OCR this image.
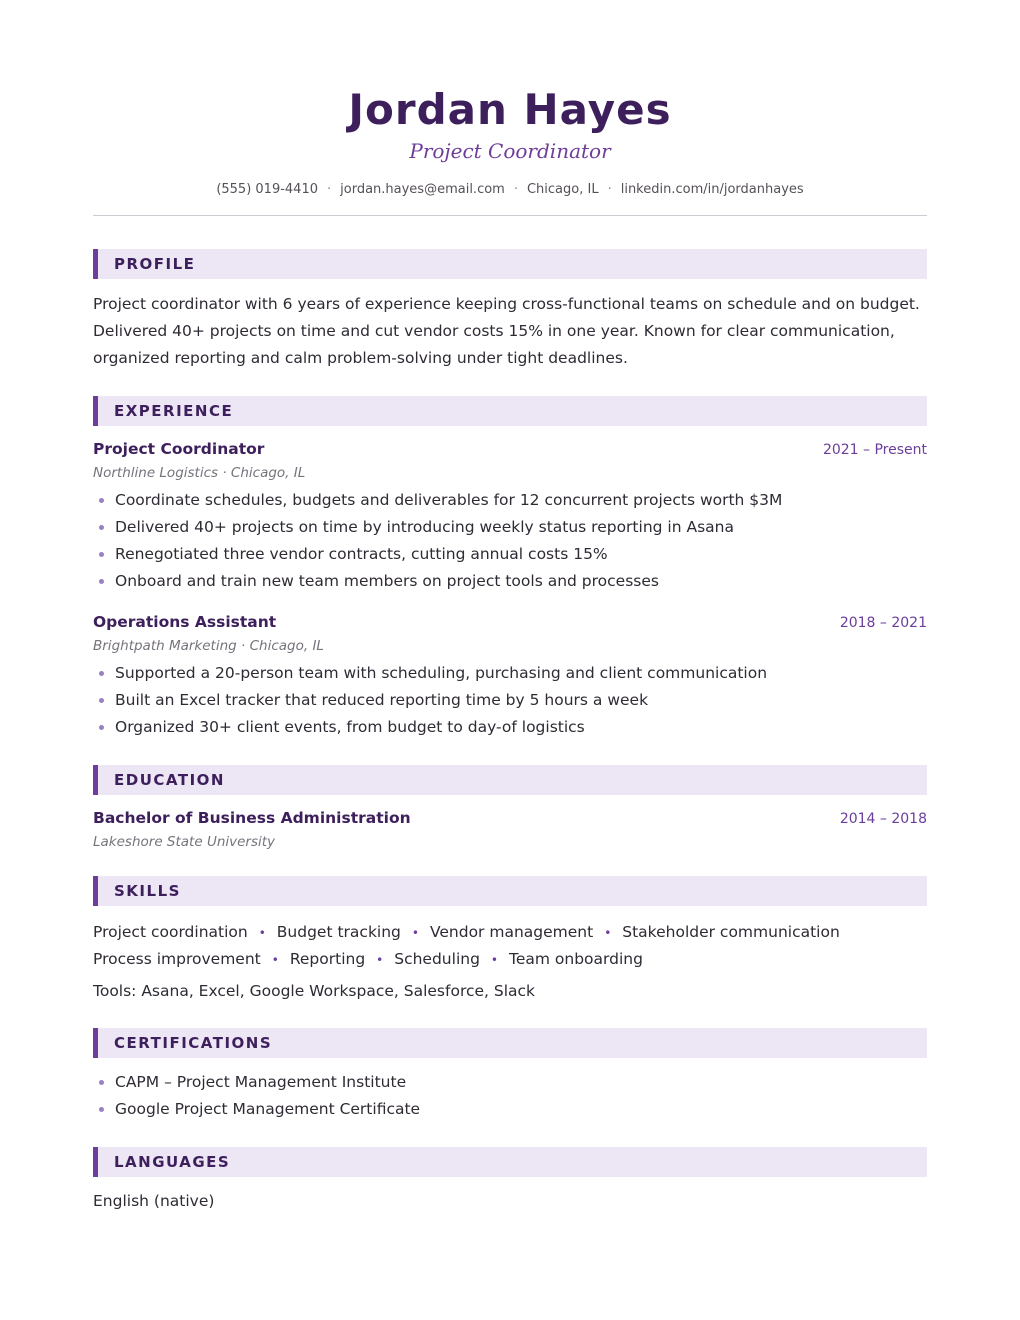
Jordan Hayes
Project Coordinator
(555) 019-4410 · jordan.hayes@email.com · Chicago, IL · linkedin.com/in/jordanhayes
PROFILE

Project coordinator with 6 years of experience keeping cross-functional teams on schedule and on budget. Delivered 40+ projects on time and cut vendor costs 15% in one year. Known for clear communication, organized reporting and calm problem-solving under tight deadlines.

EXPERIENCE
Project Coordinator	2021 – Present
Northline Logistics · Chicago, IL
Coordinate schedules, budgets and deliverables for 12 concurrent projects worth $3M
Delivered 40+ projects on time by introducing weekly status reporting in Asana
Renegotiated three vendor contracts, cutting annual costs 15%
Onboard and train new team members on project tools and processes
Operations Assistant	2018 – 2021
Brightpath Marketing · Chicago, IL
Supported a 20-person team with scheduling, purchasing and client communication
Built an Excel tracker that reduced reporting time by 5 hours a week
Organized 30+ client events, from budget to day-of logistics
EDUCATION
Bachelor of Business Administration	2014 – 2018
Lakeshore State University
SKILLS
Project coordination • Budget tracking • Vendor management • Stakeholder communication
Process improvement • Reporting • Scheduling • Team onboarding
Tools: Asana, Excel, Google Workspace, Salesforce, Slack
CERTIFICATIONS
CAPM – Project Management Institute
Google Project Management Certificate
LANGUAGES

English (native)
